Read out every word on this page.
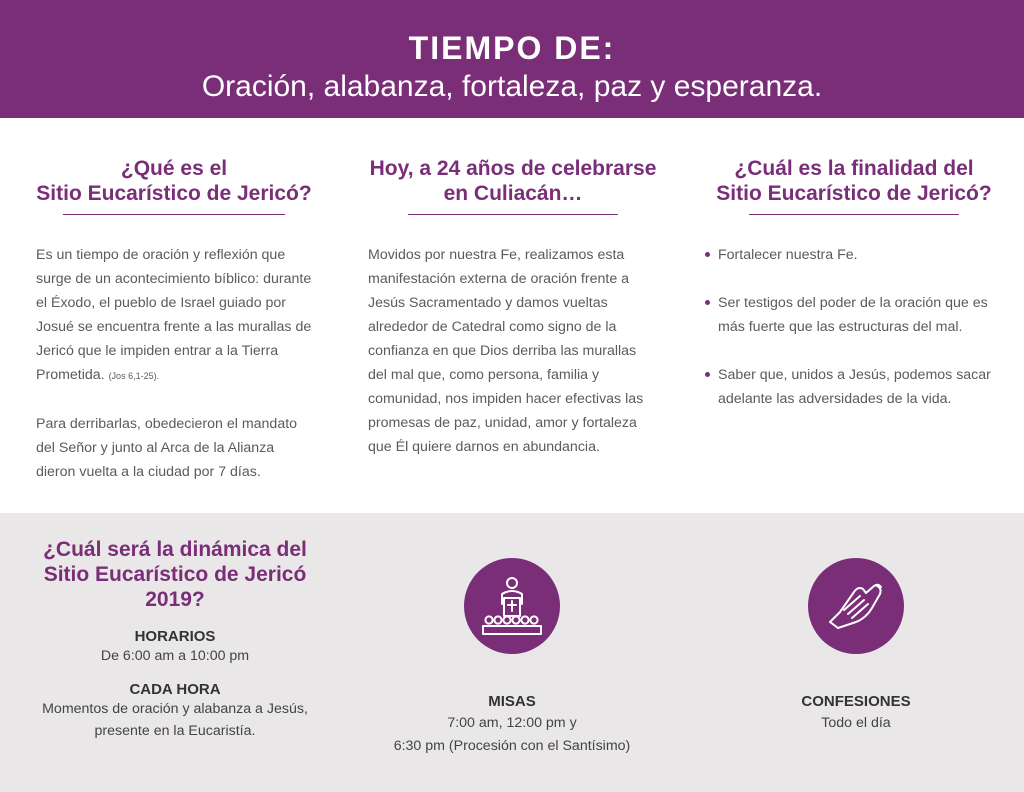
TIEMPO DE:
Oración, alabanza, fortaleza, paz y esperanza.
¿Qué es el
Sitio Eucarístico de Jericó?

Es un tiempo de oración y reflexión que surge de un acontecimiento bíblico: durante el Éxodo, el pueblo de Israel guiado por Josué se encuentra frente a las murallas de Jericó que le impiden entrar a la Tierra Prometida. (Jos 6,1-25).

Para derribarlas, obedecieron el mandato del Señor y junto al Arca de la Alianza dieron vuelta a la ciudad por 7 días.

Hoy, a 24 años de celebrarse
en Culiacán…

Movidos por nuestra Fe, realizamos esta manifestación externa de oración frente a Jesús Sacramentado y damos vueltas alrededor de Catedral como signo de la confianza en que Dios derriba las murallas del mal que, como persona, familia y comunidad, nos impiden hacer efectivas las promesas de paz, unidad, amor y fortaleza que Él quiere darnos en abundancia.

¿Cuál es la finalidad del
Sitio Eucarístico de Jericó?
Fortalecer nuestra Fe.
Ser testigos del poder de la oración que es más fuerte que las estructuras del mal.
Saber que, unidos a Jesús, podemos sacar adelante las adversidades de la vida.
¿Cuál será la dinámica del
Sitio Eucarístico de Jericó
2019?
HORARIOS
De 6:00 am a 10:00 pm
CADA HORA
Momentos de oración y alabanza a Jesús, presente en la Eucaristía.
MISAS
7:00 am, 12:00 pm y
6:30 pm (Procesión con el Santísimo)
CONFESIONES
Todo el día
